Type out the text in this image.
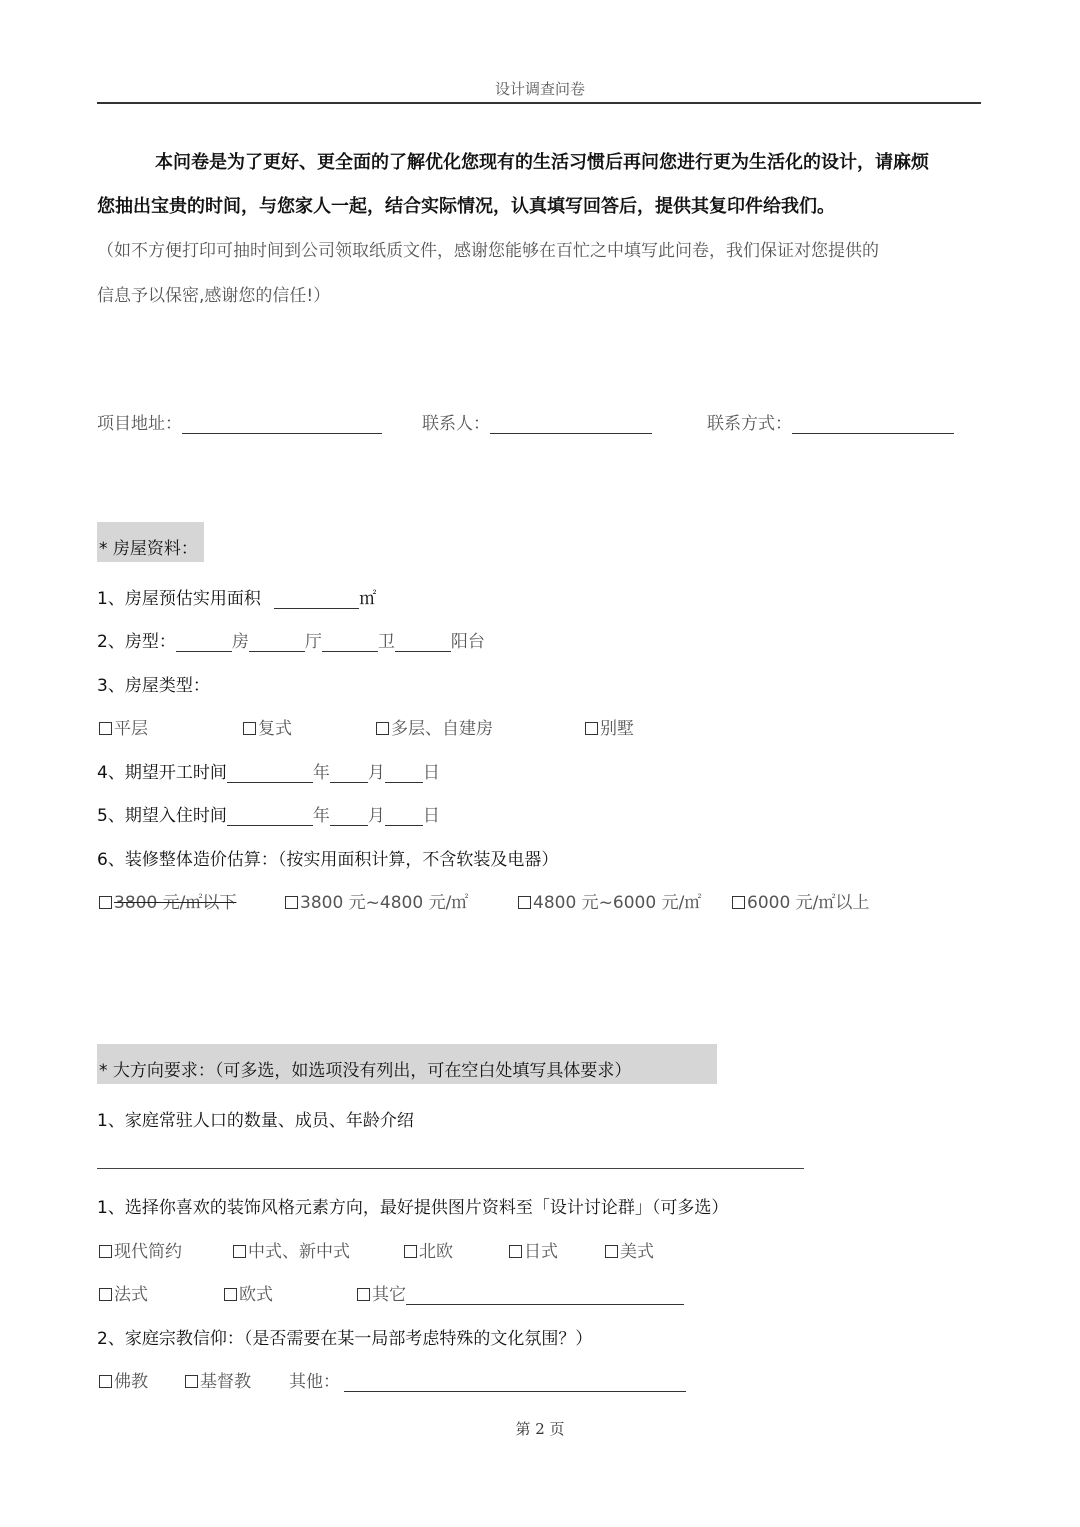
设计调查问卷
本问卷是为了更好、更全面的了解优化您现有的生活习惯后再问您进行更为生活化的设计，请麻烦
您抽出宝贵的时间，与您家人一起，结合实际情况，认真填写回答后，提供其复印件给我们。
（如不方便打印可抽时间到公司领取纸质文件，感谢您能够在百忙之中填写此问卷，我们保证对您提供的
信息予以保密,感谢您的信任!）
项目地址：	联系人：	联系方式：
* 房屋资料：
1、房屋预估实用面积	㎡
2、房型：	房	厅	卫	阳台
3、房屋类型：
平层	复式	多层、自建房	别墅
4、期望开工时间	年 月 日
5、期望入住时间	年 月 日
6、装修整体造价估算：（按实用面积计算，不含软装及电器）
3800 元/㎡以下	3800 元~4800 元/㎡	4800 元~6000 元/㎡	6000 元/㎡以上
* 大方向要求：（可多选，如选项没有列出，可在空白处填写具体要求）
1、家庭常驻人口的数量、成员、年龄介绍
1、选择你喜欢的装饰风格元素方向，最好提供图片资料至「设计讨论群」（可多选）
现代简约	中式、新中式	北欧	日式	美式
法式	欧式	其它
2、家庭宗教信仰：（是否需要在某一局部考虑特殊的文化氛围？）
佛教	基督教 其他：
第 2 页
